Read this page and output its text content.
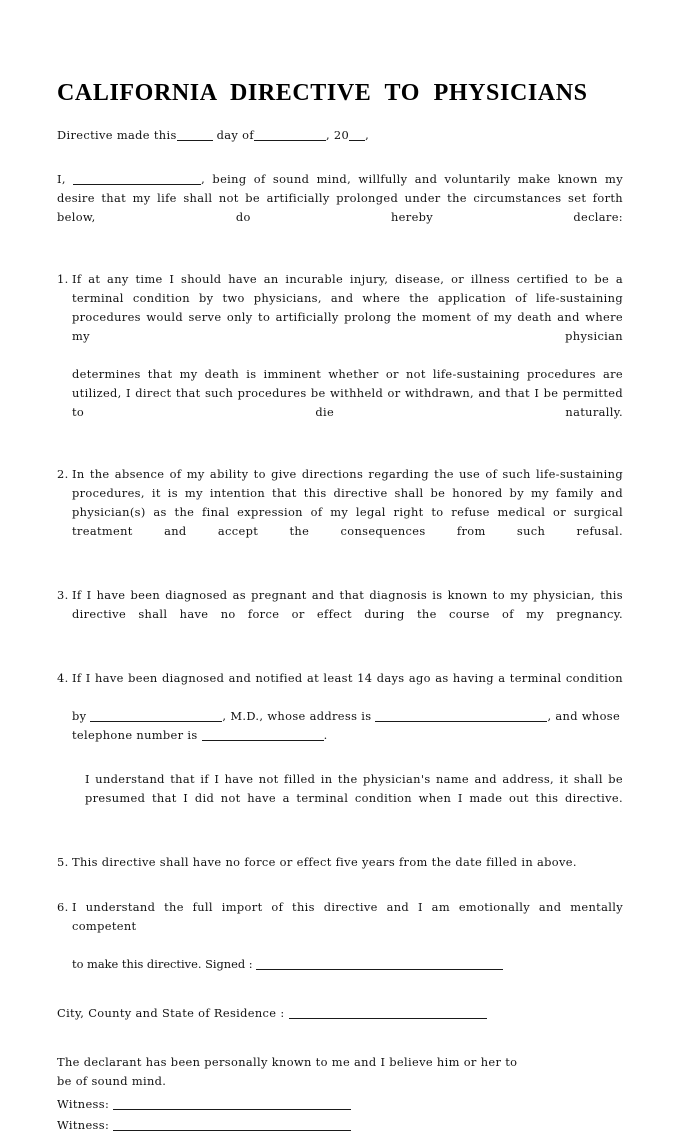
CALIFORNIA DIRECTIVE TO PHYSICIANS
Directive made this	day of	, 20 ,
I,	, being of sound mind, willfully and voluntarily make known my desire that my life shall not be artificially prolonged under the circumstances set forth below, do hereby declare:
1. If at any time I should have an incurable injury, disease, or illness certified to be a terminal condition by two physicians, and where the application of life-sustaining procedures would serve only to artificially prolong the moment of my death and where my physician
determines that my death is imminent whether or not life-sustaining procedures are utilized, I direct that such procedures be withheld or withdrawn, and that I be permitted to die naturally.
2. In the absence of my ability to give directions regarding the use of such life-sustaining procedures, it is my intention that this directive shall be honored by my family and physician(s) as the final expression of my legal right to refuse medical or surgical treatment and accept the consequences from such refusal.
3. If I have been diagnosed as pregnant and that diagnosis is known to my physician, this directive shall have no force or effect during the course of my pregnancy.
4. If I have been diagnosed and notified at least 14 days ago as having a terminal condition
by	, M.D., whose address is	, and whose
telephone number is	.
I understand that if I have not filled in the physician's name and address, it shall be presumed that I did not have a terminal condition when I made out this directive.
5. This directive shall have no force or effect five years from the date filled in above.
6. I understand the full import of this directive and I am emotionally and mentally competent
to make this directive. Signed :
City, County and State of Residence :
The declarant has been personally known to me and I believe him or her to
be of sound mind.
Witness:
Witness:
